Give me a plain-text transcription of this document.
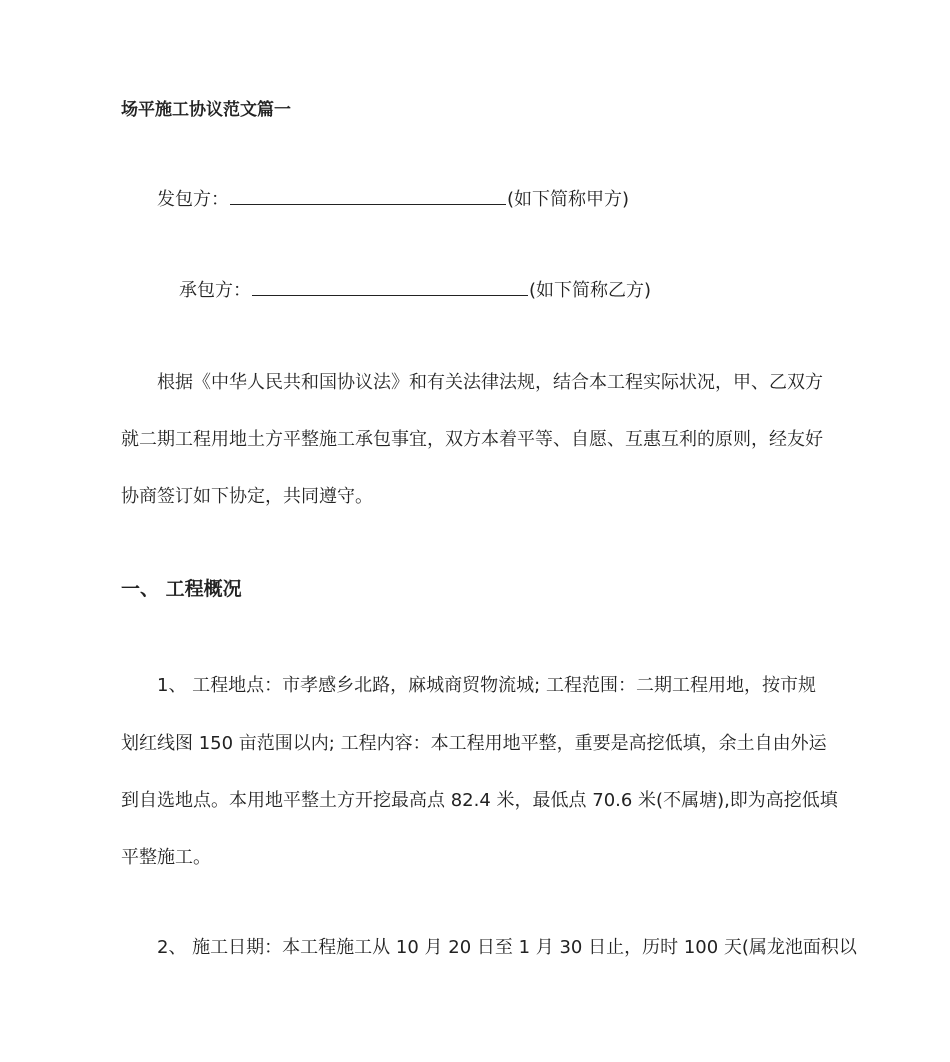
场平施工协议范文篇一
发包方：	(如下简称甲方)
承包方：	(如下简称乙方)
根据《中华人民共和国协议法》和有关法律法规，结合本工程实际状况，甲、乙双方
就二期工程用地土方平整施工承包事宜，双方本着平等、自愿、互惠互利的原则，经友好
协商签订如下协定，共同遵守。
一、 工程概况
1、 工程地点：市孝感乡北路，麻城商贸物流城; 工程范围：二期工程用地，按市规
划红线图 150 亩范围以内; 工程内容：本工程用地平整，重要是高挖低填，余土自由外运
到自选地点。本用地平整土方开挖最高点 82.4 米，最低点 70.6 米(不属塘),即为高挖低填
平整施工。
2、 施工日期：本工程施工从 10 月 20 日至 1 月 30 日止，历时 100 天(属龙池面积以
